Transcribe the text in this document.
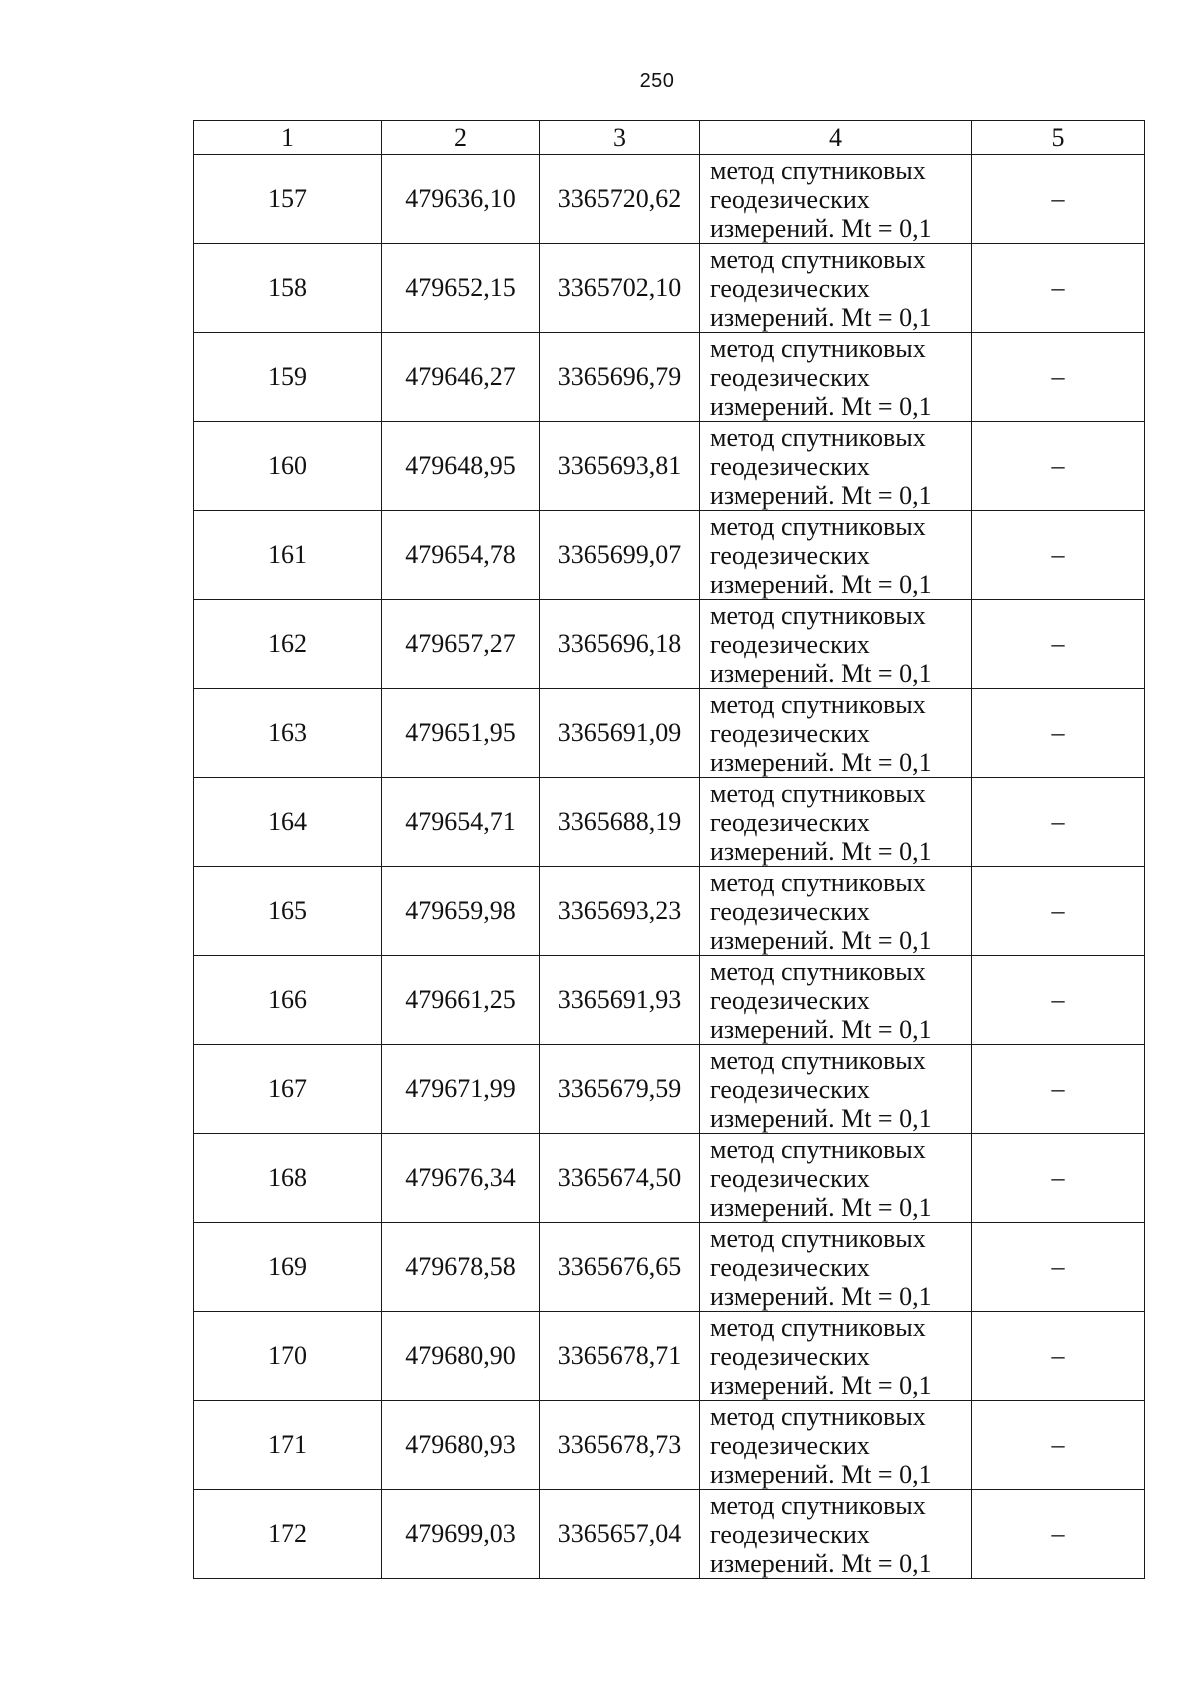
250
1	2	3	4	5
157	479636,10	3365720,62	метод спутниковых
геодезических
измерений. Mt = 0,1	–
158	479652,15	3365702,10	метод спутниковых
геодезических
измерений. Mt = 0,1	–
159	479646,27	3365696,79	метод спутниковых
геодезических
измерений. Mt = 0,1	–
160	479648,95	3365693,81	метод спутниковых
геодезических
измерений. Mt = 0,1	–
161	479654,78	3365699,07	метод спутниковых
геодезических
измерений. Mt = 0,1	–
162	479657,27	3365696,18	метод спутниковых
геодезических
измерений. Mt = 0,1	–
163	479651,95	3365691,09	метод спутниковых
геодезических
измерений. Mt = 0,1	–
164	479654,71	3365688,19	метод спутниковых
геодезических
измерений. Mt = 0,1	–
165	479659,98	3365693,23	метод спутниковых
геодезических
измерений. Mt = 0,1	–
166	479661,25	3365691,93	метод спутниковых
геодезических
измерений. Mt = 0,1	–
167	479671,99	3365679,59	метод спутниковых
геодезических
измерений. Mt = 0,1	–
168	479676,34	3365674,50	метод спутниковых
геодезических
измерений. Mt = 0,1	–
169	479678,58	3365676,65	метод спутниковых
геодезических
измерений. Mt = 0,1	–
170	479680,90	3365678,71	метод спутниковых
геодезических
измерений. Mt = 0,1	–
171	479680,93	3365678,73	метод спутниковых
геодезических
измерений. Mt = 0,1	–
172	479699,03	3365657,04	метод спутниковых
геодезических
измерений. Mt = 0,1	–
